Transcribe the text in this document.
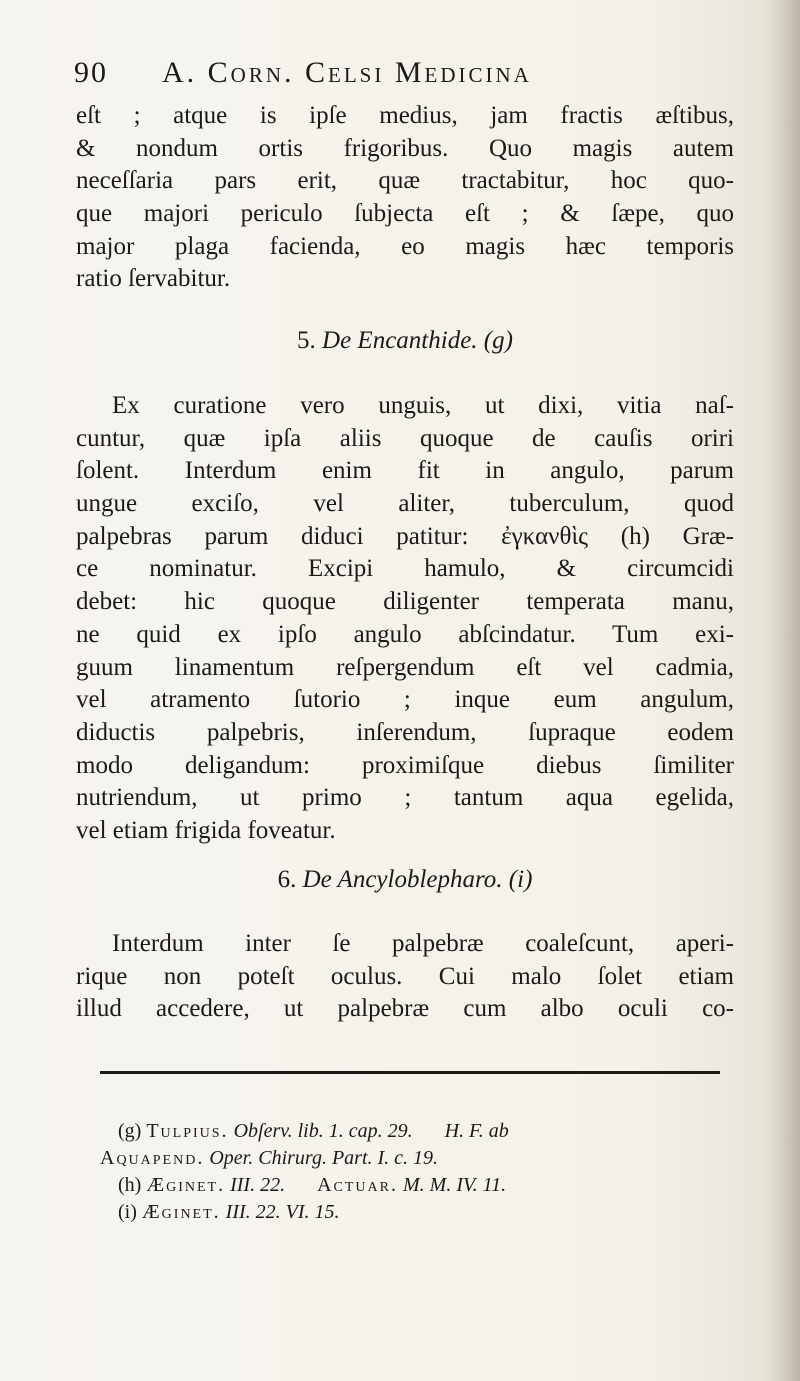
90 A. Corn. Celsi Medicina
eſt ; atque is ipſe medius, jam fractis æſtibus,
& nondum ortis frigoribus. Quo magis autem
neceſſaria pars erit, quæ tractabitur, hoc quo-
que majori periculo ſubjecta eſt ; & ſæpe, quo
major plaga facienda, eo magis hæc temporis
ratio ſervabitur.
5. De Encanthide. (g)
Ex curatione vero unguis, ut dixi, vitia naſ-
cuntur, quæ ipſa aliis quoque de cauſis oriri
ſolent. Interdum enim fit in angulo, parum
ungue exciſo, vel aliter, tuberculum, quod
palpebras parum diduci patitur: ἐγκανθὶς (h) Græ-
ce nominatur. Excipi hamulo, & circumcidi
debet: hic quoque diligenter temperata manu,
ne quid ex ipſo angulo abſcindatur. Tum exi-
guum linamentum reſpergendum eſt vel cadmia,
vel atramento ſutorio ; inque eum angulum,
diductis palpebris, inſerendum, ſupraque eodem
modo deligandum: proximiſque diebus ſimiliter
nutriendum, ut primo ; tantum aqua egelida,
vel etiam frigida foveatur.
6. De Ancyloblepharo. (i)
Interdum inter ſe palpebræ coaleſcunt, aperi-
rique non poteſt oculus. Cui malo ſolet etiam
illud accedere, ut palpebræ cum albo oculi co-
(g) Tulpius. Obſerv. lib. 1. cap. 29. H. F. ab
Aquapend. Oper. Chirurg. Part. I. c. 19.
(h) Æginet. III. 22. Actuar. M. M. IV. 11.
(i) Æginet. III. 22. VI. 15.
